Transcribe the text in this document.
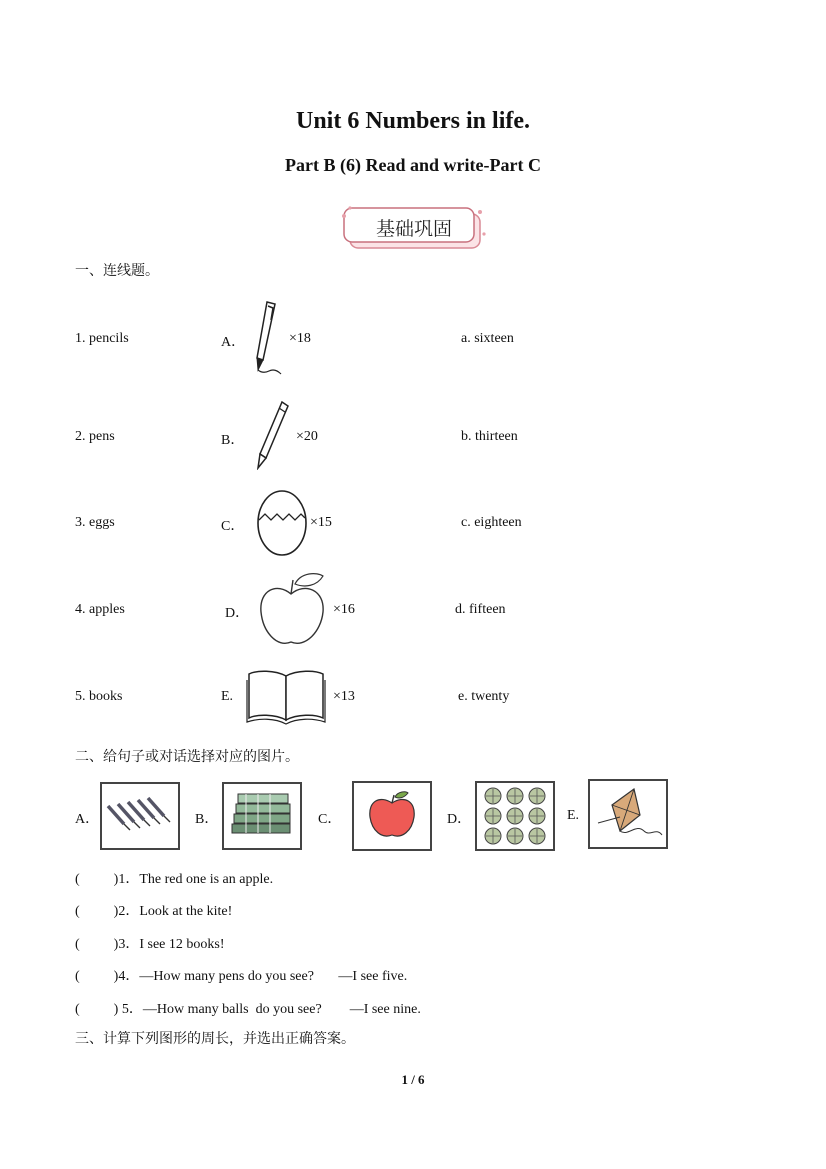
Unit 6 Numbers in life.
Part B (6) Read and write-Part C
基础巩固
一、连线题。
1. pencils	A．	×18	a. sixteen
2. pens	B．	×20	b. thirteen
3. eggs	C．	×15	c. eighteen
4. apples	D．	×16	d. fifteen
5. books	E.	×13	e. twenty
二、给句子或对话选择对应的图片。
A．	B．	C．	D．	E.
( )1．The red one is an apple.
( )2．Look at the kite!
( )3．I see 12 books!
( )4．—How many pens do you see?       —I see five.
( ) 5．—How many balls  do you see?        —I see nine.
三、计算下列图形的周长，并选出正确答案。
1 / 6
